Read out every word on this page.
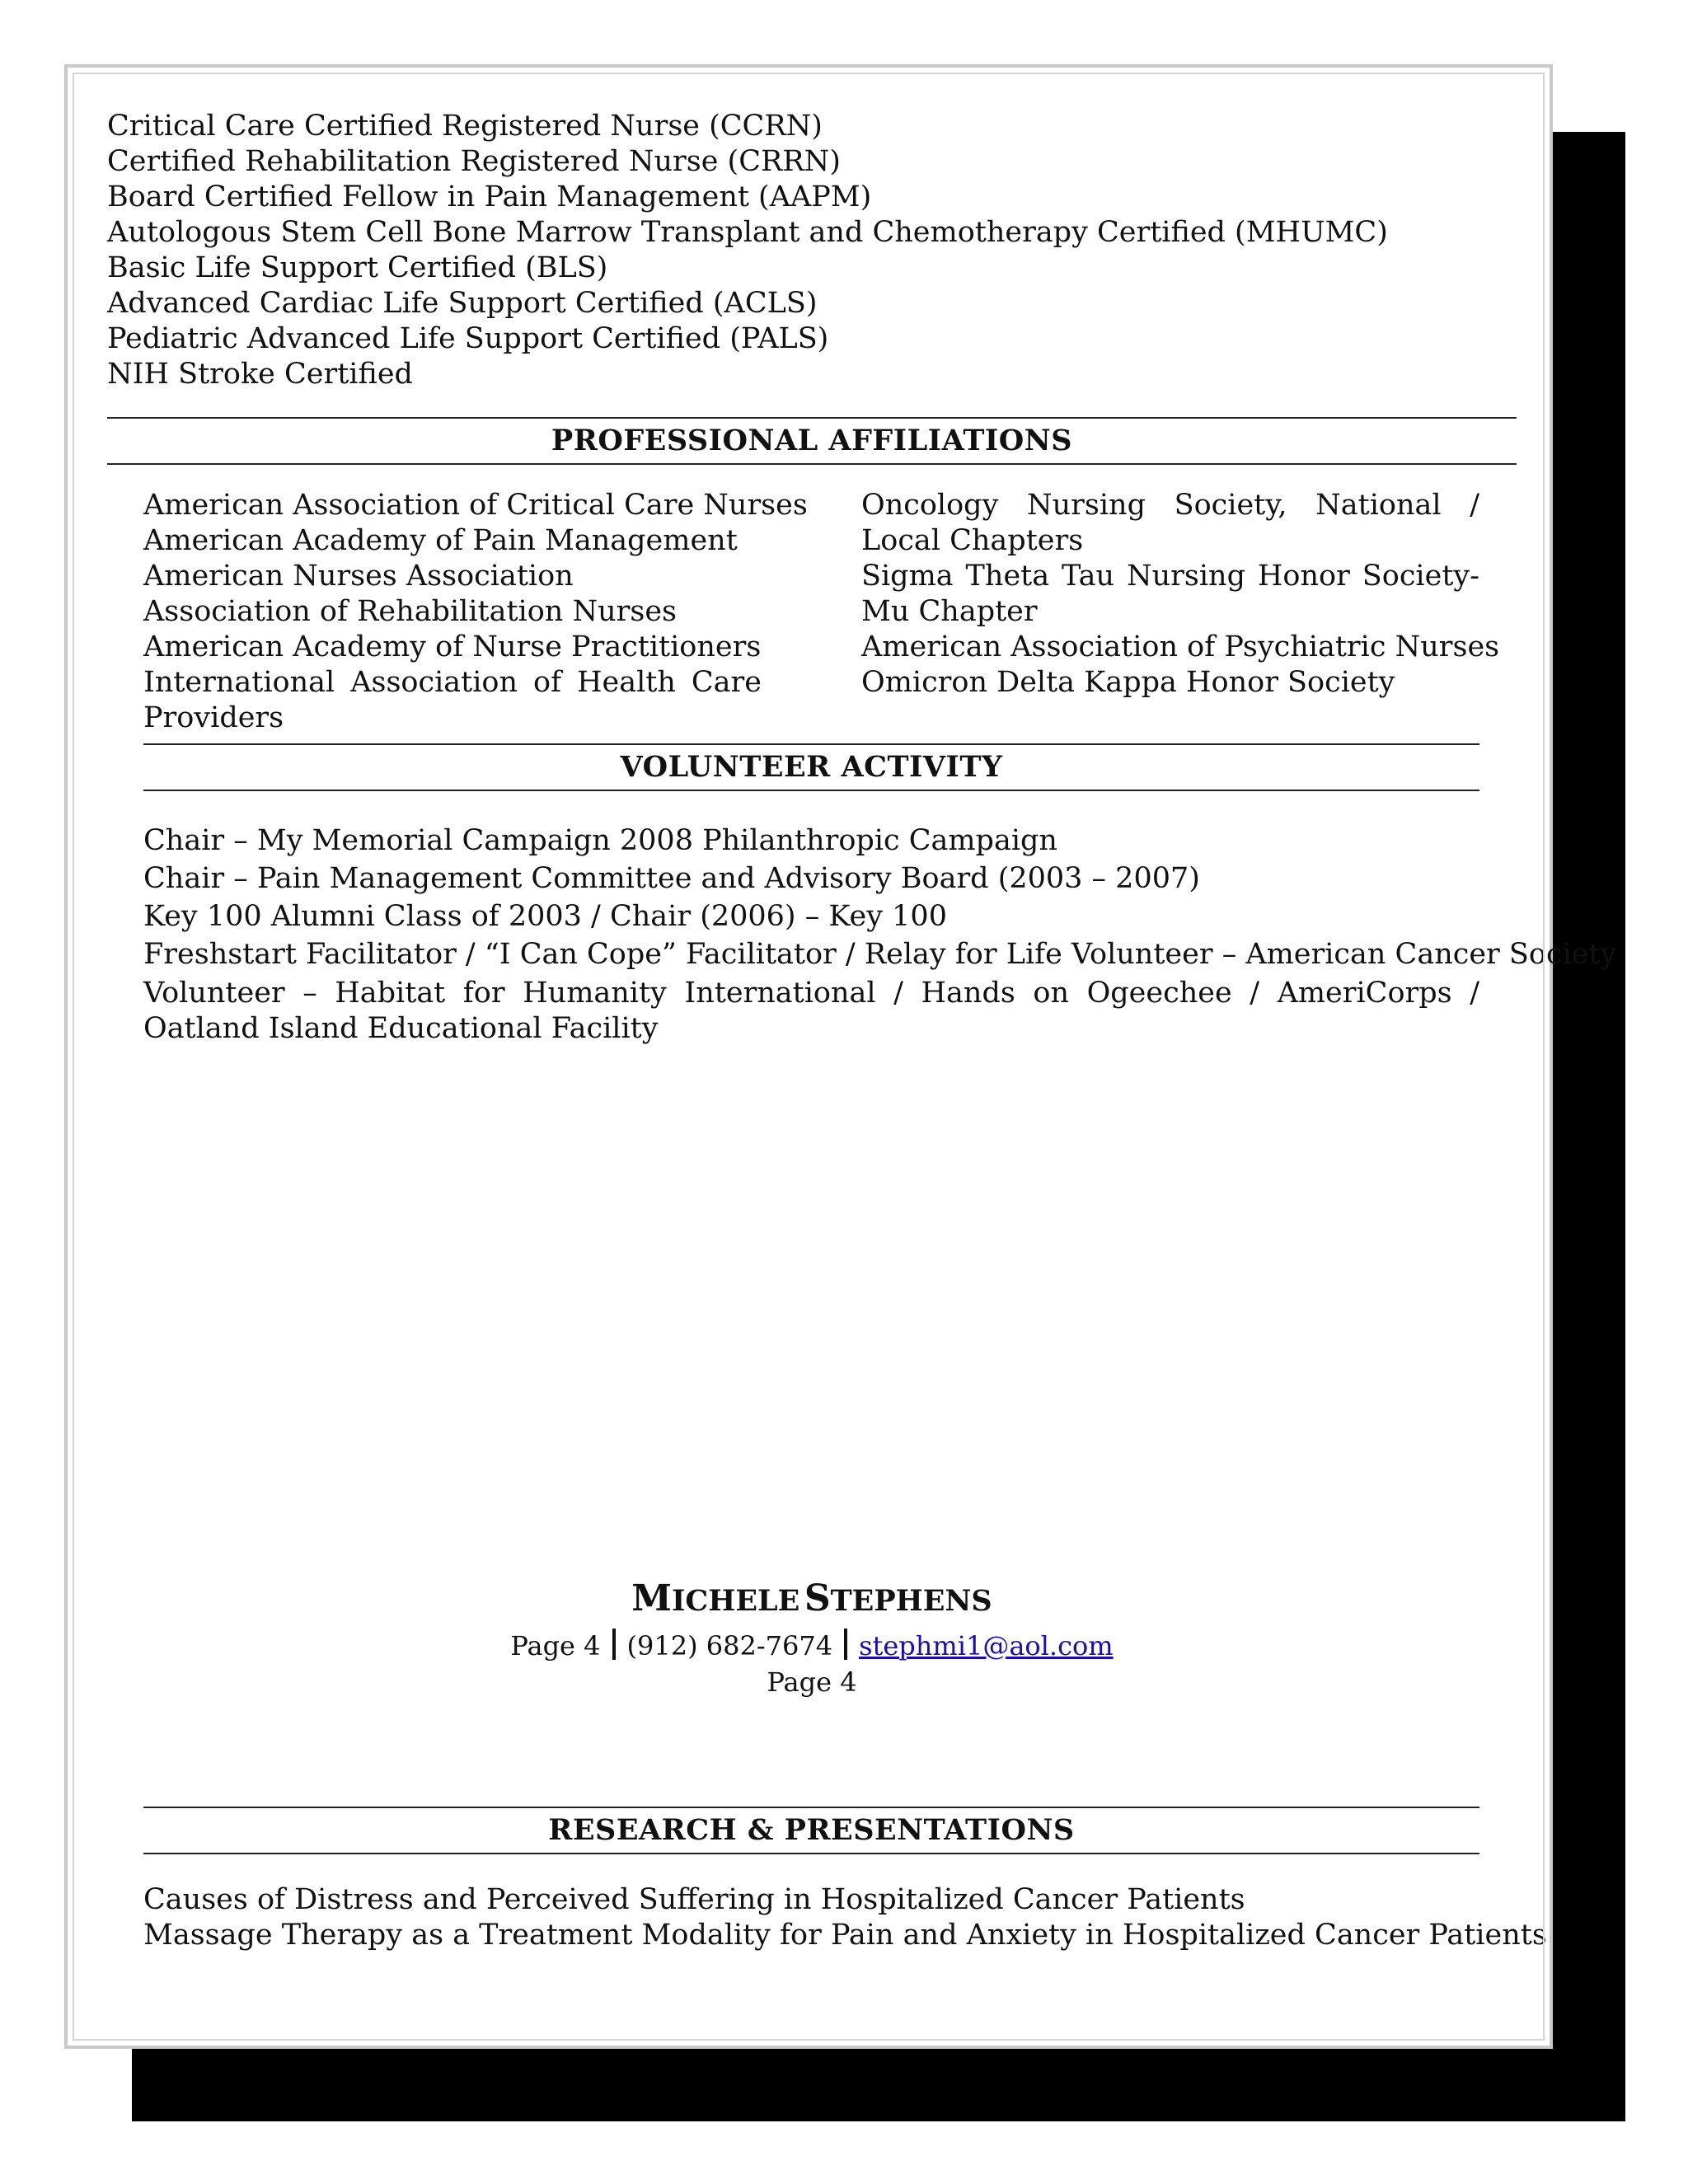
Critical Care Certified Registered Nurse (CCRN)
Certified Rehabilitation Registered Nurse (CRRN)
Board Certified Fellow in Pain Management (AAPM)
Autologous Stem Cell Bone Marrow Transplant and Chemotherapy Certified (MHUMC)
Basic Life Support Certified (BLS)
Advanced Cardiac Life Support Certified (ACLS)
Pediatric Advanced Life Support Certified (PALS)
NIH Stroke Certified
PROFESSIONAL AFFILIATIONS
American Association of Critical Care Nurses
American Academy of Pain Management
American Nurses Association
Association of Rehabilitation Nurses
American Academy of Nurse Practitioners
International Association of Health Care Providers
Oncology Nursing Society, National / Local Chapters
Sigma Theta Tau Nursing Honor Society-Mu Chapter
American Association of Psychiatric Nurses
Omicron Delta Kappa Honor Society
VOLUNTEER ACTIVITY
Chair – My Memorial Campaign 2008 Philanthropic Campaign
Chair – Pain Management Committee and Advisory Board (2003 – 2007)
Key 100 Alumni Class of 2003 / Chair (2006) – Key 100
Freshstart Facilitator / “I Can Cope” Facilitator / Relay for Life Volunteer – American Cancer Society
Volunteer – Habitat for Humanity International / Hands on Ogeechee / AmeriCorps / Oatland Island Educational Facility
MICHELE STEPHENS
Page 4 (912) 682-7674 stephmi1@aol.com
Page 4
RESEARCH & PRESENTATIONS
Causes of Distress and Perceived Suffering in Hospitalized Cancer Patients
Massage Therapy as a Treatment Modality for Pain and Anxiety in Hospitalized Cancer Patients
